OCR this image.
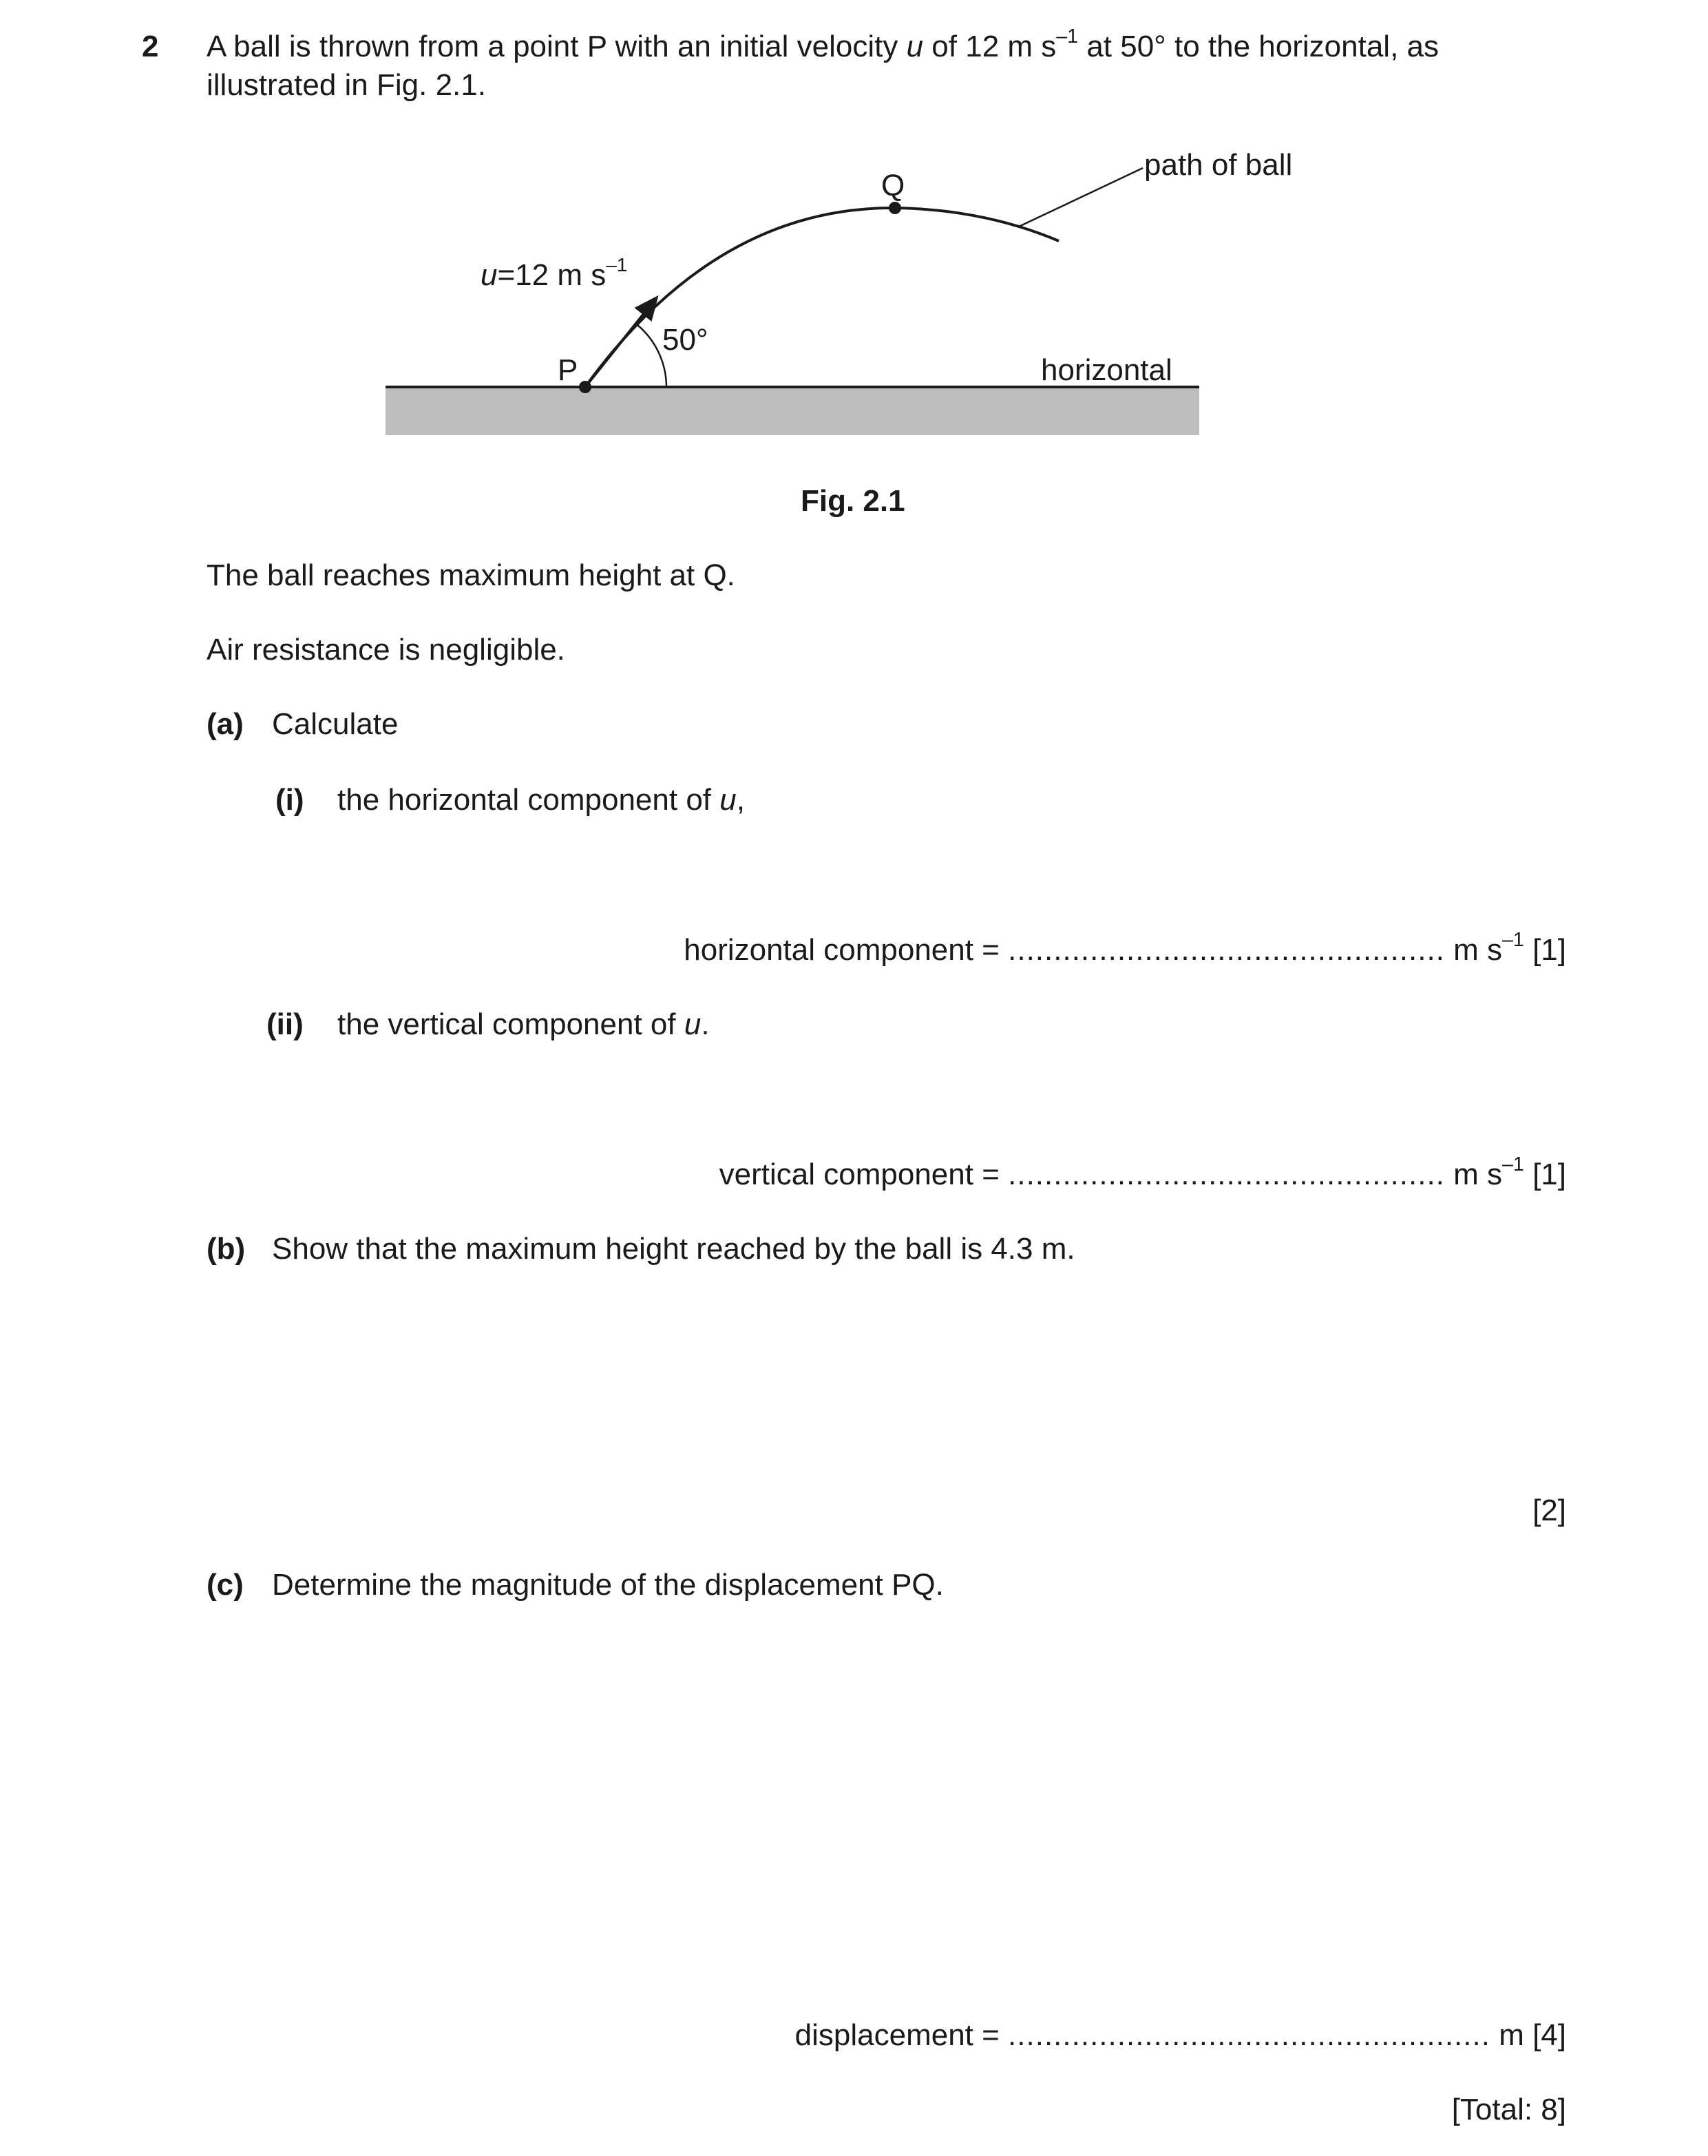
2 A ball is thrown from a point P with an initial velocity u of 12 m $s^{-1}$ at 50° to the horizontal, as
illustrated in Fig. 2.1.
path of ball
Q
P
u=12 m $s^{-1}$
50°
horizontal
Fig. 2.1
The ball reaches maximum height at Q.
Air resistance is negligible.
(a) Calculate
(i) the horizontal component of u,
horizontal component = ................................................ m $s^{-1}$ [1]
(ii) the vertical component of u.
vertical component = ................................................ m $s^{-1}$ [1]
(b) Show that the maximum height reached by the ball is 4.3 m.
[2]
(c) Determine the magnitude of the displacement PQ.
displacement = ..................................................... m [4]
[Total: 8]
